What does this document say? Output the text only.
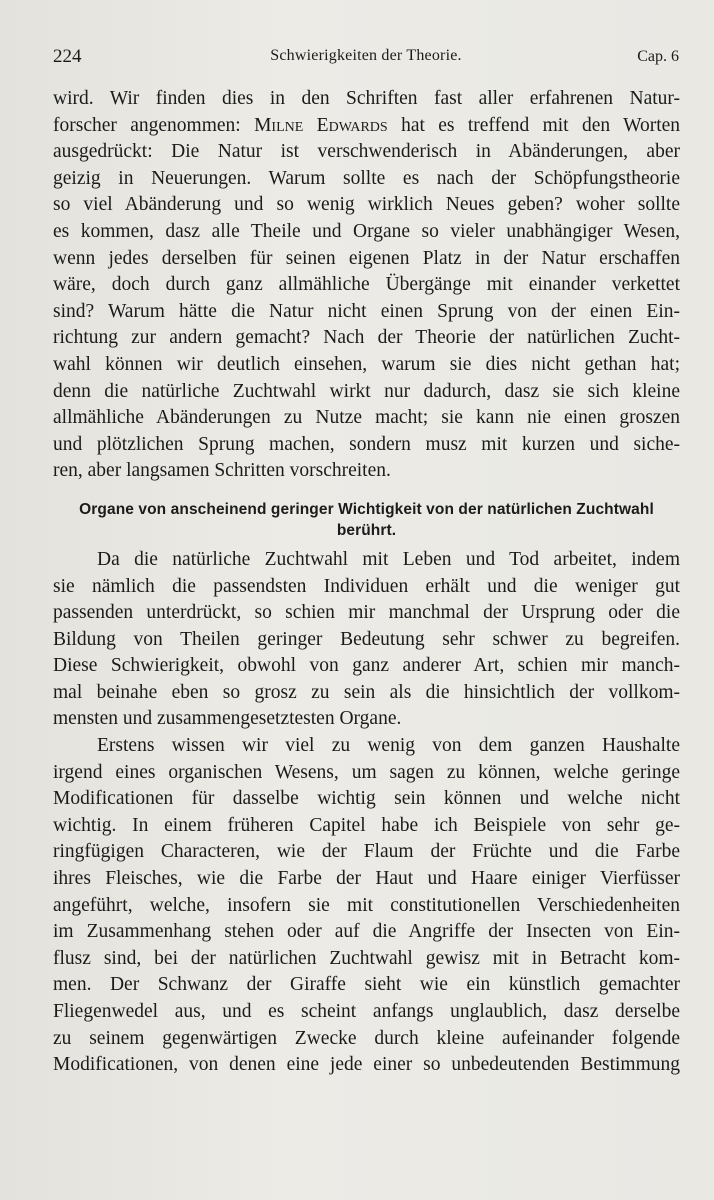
224	Schwierigkeiten der Theorie.	Cap. 6
wird. Wir finden dies in den Schriften fast aller erfahrenen Natur-
forscher angenommen: Milne Edwards hat es treffend mit den Worten
ausgedrückt: Die Natur ist verschwenderisch in Abänderungen, aber
geizig in Neuerungen. Warum sollte es nach der Schöpfungstheorie
so viel Abänderung und so wenig wirklich Neues geben? woher sollte
es kommen, dasz alle Theile und Organe so vieler unabhängiger Wesen,
wenn jedes derselben für seinen eigenen Platz in der Natur erschaffen
wäre, doch durch ganz allmähliche Übergänge mit einander verkettet
sind? Warum hätte die Natur nicht einen Sprung von der einen Ein-
richtung zur andern gemacht? Nach der Theorie der natürlichen Zucht-
wahl können wir deutlich einsehen, warum sie dies nicht gethan hat;
denn die natürliche Zuchtwahl wirkt nur dadurch, dasz sie sich kleine
allmähliche Abänderungen zu Nutze macht; sie kann nie einen groszen
und plötzlichen Sprung machen, sondern musz mit kurzen und siche-
ren, aber langsamen Schritten vorschreiten.
Organe von anscheinend geringer Wichtigkeit von der natürlichen Zuchtwahl
berührt.
Da die natürliche Zuchtwahl mit Leben und Tod arbeitet, indem
sie nämlich die passendsten Individuen erhält und die weniger gut
passenden unterdrückt, so schien mir manchmal der Ursprung oder die
Bildung von Theilen geringer Bedeutung sehr schwer zu begreifen.
Diese Schwierigkeit, obwohl von ganz anderer Art, schien mir manch-
mal beinahe eben so grosz zu sein als die hinsichtlich der vollkom-
mensten und zusammengesetztesten Organe.
Erstens wissen wir viel zu wenig von dem ganzen Haushalte
irgend eines organischen Wesens, um sagen zu können, welche geringe
Modificationen für dasselbe wichtig sein können und welche nicht
wichtig. In einem früheren Capitel habe ich Beispiele von sehr ge-
ringfügigen Characteren, wie der Flaum der Früchte und die Farbe
ihres Fleisches, wie die Farbe der Haut und Haare einiger Vierfüsser
angeführt, welche, insofern sie mit constitutionellen Verschiedenheiten
im Zusammenhang stehen oder auf die Angriffe der Insecten von Ein-
flusz sind, bei der natürlichen Zuchtwahl gewisz mit in Betracht kom-
men. Der Schwanz der Giraffe sieht wie ein künstlich gemachter
Fliegenwedel aus, und es scheint anfangs unglaublich, dasz derselbe
zu seinem gegenwärtigen Zwecke durch kleine aufeinander folgende
Modificationen, von denen eine jede einer so unbedeutenden Bestimmung
